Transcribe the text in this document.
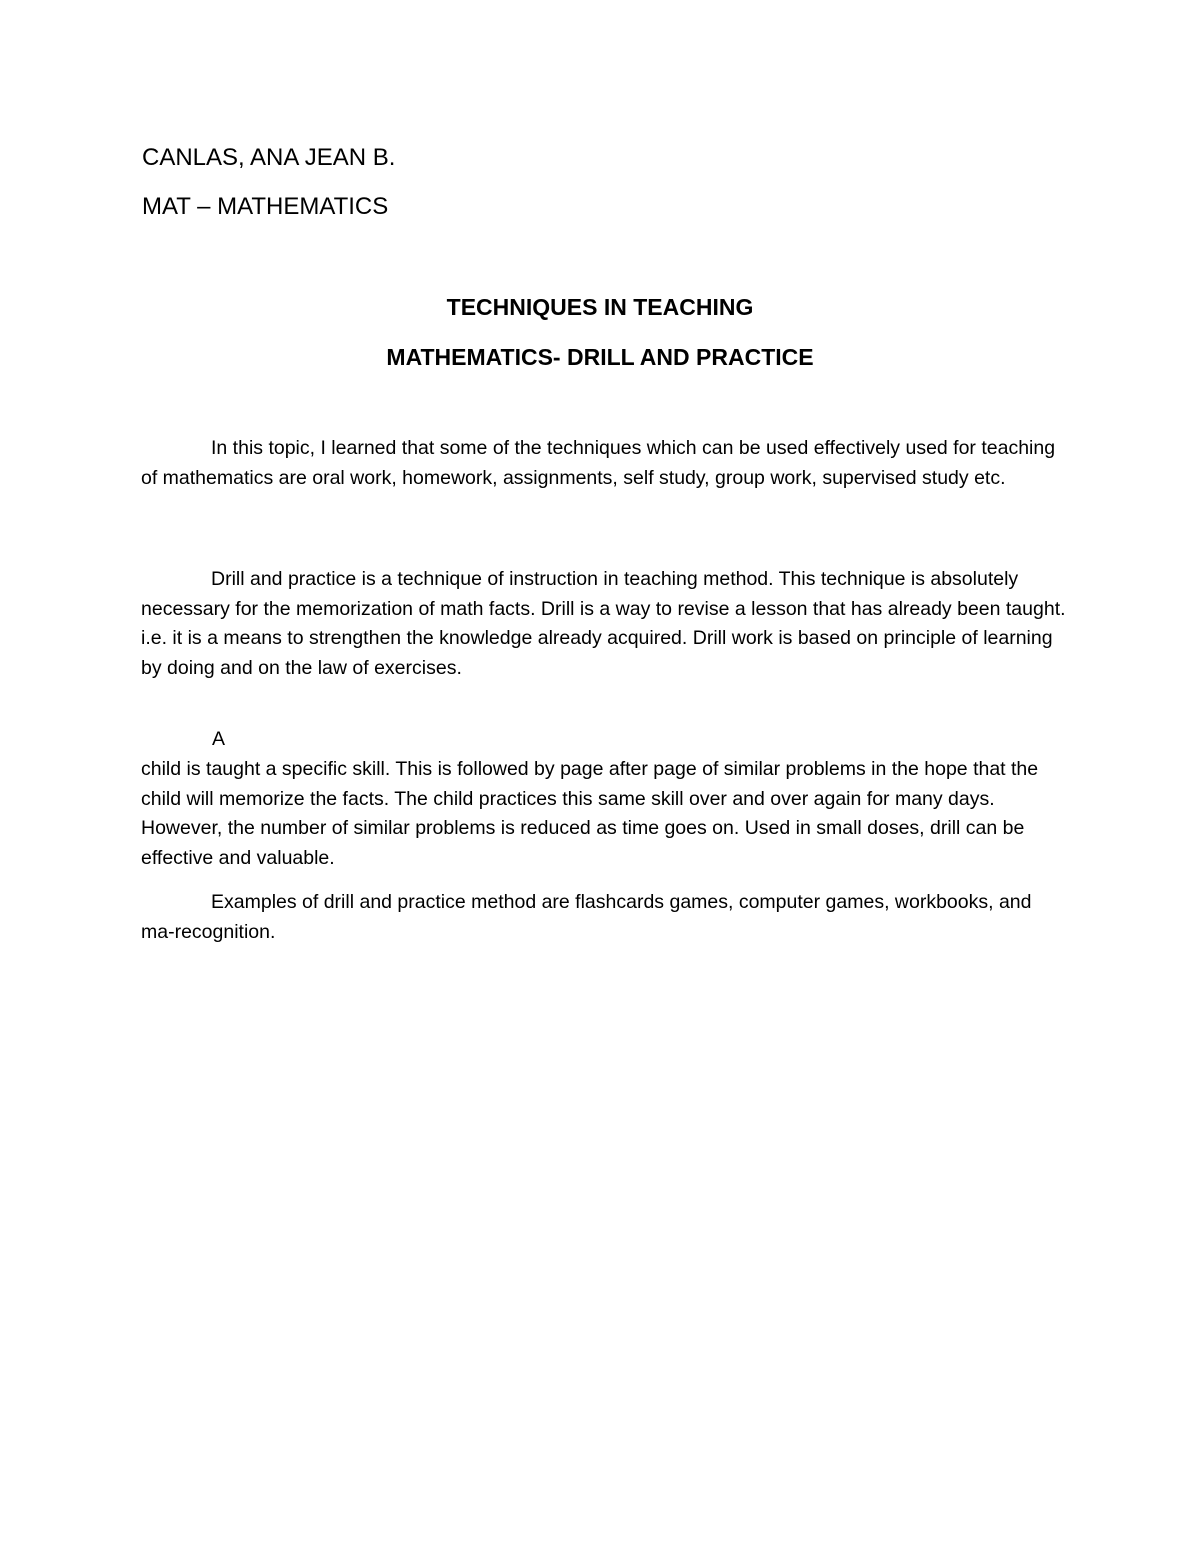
CANLAS, ANA JEAN B.

MAT – MATHEMATICS

TECHNIQUES IN TEACHING
MATHEMATICS- DRILL AND PRACTICE

In this topic, I learned that some of the techniques which can be used effectively used for teaching of mathematics are oral work, homework, assignments, self study, group work, supervised study etc.

Drill and practice is a technique of instruction in teaching method. This technique is absolutely necessary for the memorization of math facts. Drill is a way to revise a lesson that has already been taught. i.e. it is a means to strengthen the knowledge already acquired. Drill work is based on principle of learning by doing and on the law of exercises.

A

child is taught a specific skill. This is followed by page after page of similar problems in the hope that the child will memorize the facts. The child practices this same skill over and over again for many days. However, the number of similar problems is reduced as time goes on. Used in small doses, drill can be effective and valuable.

Examples of drill and practice method are flashcards games, computer games, workbooks, and ma-recognition.
